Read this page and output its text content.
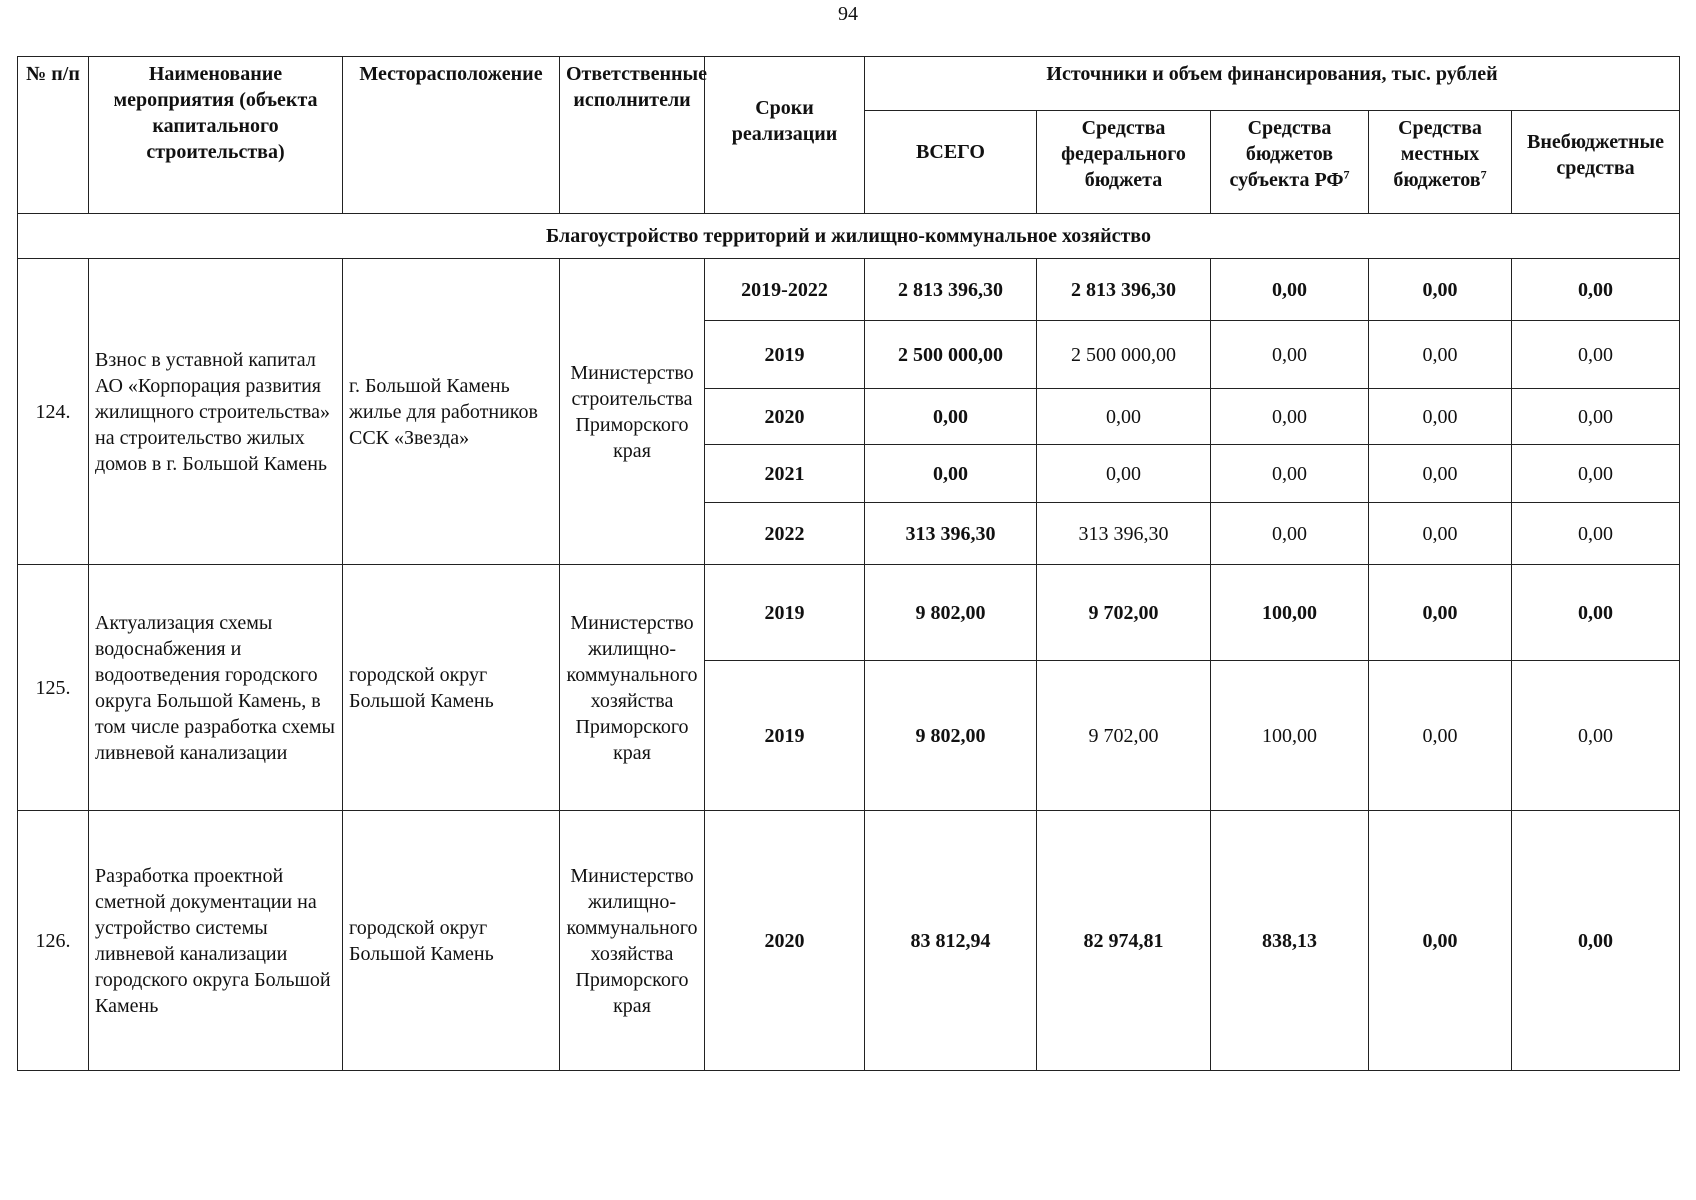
94
№ п/п	Наименование мероприятия (объекта капитального строительства)	Месторасположение	Ответственные исполнители	Сроки реализации	Источники и объем финансирования, тыс. рублей				
					ВСЕГО	Средства федерального бюджета	Средства бюджетов субъекта $РФ^7$	Средства местных бюджетов$^7$	Внебюджетные средства
Благоустройство территорий и жилищно-коммунальное хозяйство									
124.	Взнос в уставной капитал АО «Корпорация развития жилищного строительства» на строительство жилых домов в г. Большой Камень	г. Большой Камень жилье для работников ССК «Звезда»	Министерство строительства Приморского края	2019-2022	2 813 396,30	2 813 396,30	0,00	0,00	0,00
				2019	2 500 000,00	2 500 000,00	0,00	0,00	0,00
				2020	0,00	0,00	0,00	0,00	0,00
				2021	0,00	0,00	0,00	0,00	0,00
				2022	313 396,30	313 396,30	0,00	0,00	0,00
125.	Актуализация схемы водоснабжения и водоотведения городского округа Большой Камень, в том числе разработка схемы ливневой канализации	городской округ Большой Камень	Министерство жилищно-коммунального хозяйства Приморского края	2019	9 802,00	9 702,00	100,00	0,00	0,00
				2019	9 802,00	9 702,00	100,00	0,00	0,00
126.	Разработка проектной сметной документации на устройство системы ливневой канализации городского округа Большой Камень	городской округ Большой Камень	Министерство жилищно-коммунального хозяйства Приморского края	2020	83 812,94	82 974,81	838,13	0,00	0,00
